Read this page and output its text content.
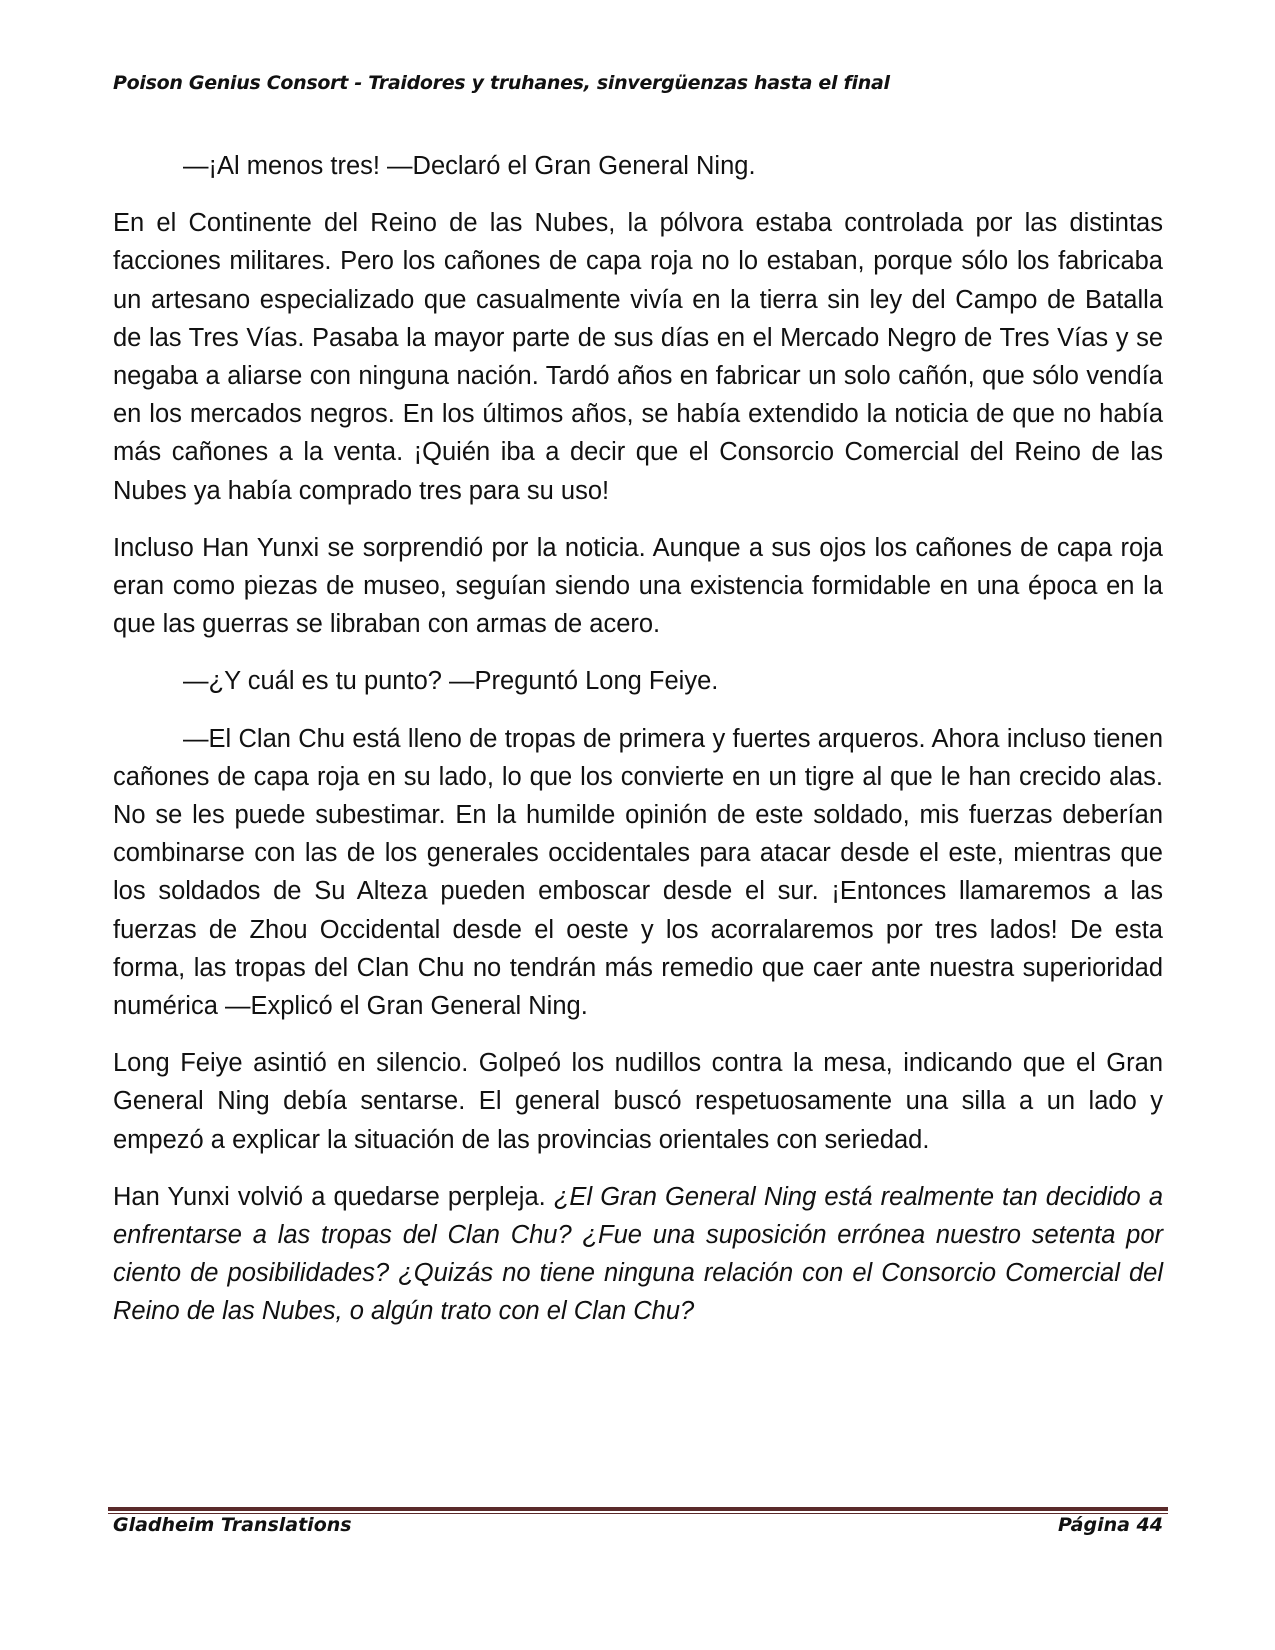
Poison Genius Consort - Traidores y truhanes, sinvergüenzas hasta el final

—¡Al menos tres! —Declaró el Gran General Ning.

En el Continente del Reino de las Nubes, la pólvora estaba controlada por las distintas facciones militares. Pero los cañones de capa roja no lo estaban, porque sólo los fabricaba un artesano especializado que casualmente vivía en la tierra sin ley del Campo de Batalla de las Tres Vías. Pasaba la mayor parte de sus días en el Mercado Negro de Tres Vías y se negaba a aliarse con ninguna nación. Tardó años en fabricar un solo cañón, que sólo vendía en los mercados negros. En los últimos años, se había extendido la noticia de que no había más cañones a la venta. ¡Quién iba a decir que el Consorcio Comercial del Reino de las Nubes ya había comprado tres para su uso!

Incluso Han Yunxi se sorprendió por la noticia. Aunque a sus ojos los cañones de capa roja eran como piezas de museo, seguían siendo una existencia formidable en una época en la que las guerras se libraban con armas de acero.

—¿Y cuál es tu punto? —Preguntó Long Feiye.

—El Clan Chu está lleno de tropas de primera y fuertes arqueros. Ahora incluso tienen cañones de capa roja en su lado, lo que los convierte en un tigre al que le han crecido alas. No se les puede subestimar. En la humilde opinión de este soldado, mis fuerzas deberían combinarse con las de los generales occidentales para atacar desde el este, mientras que los soldados de Su Alteza pueden emboscar desde el sur. ¡Entonces llamaremos a las fuerzas de Zhou Occidental desde el oeste y los acorralaremos por tres lados! De esta forma, las tropas del Clan Chu no tendrán más remedio que caer ante nuestra superioridad numérica —Explicó el Gran General Ning.

Long Feiye asintió en silencio. Golpeó los nudillos contra la mesa, indicando que el Gran General Ning debía sentarse. El general buscó respetuosamente una silla a un lado y empezó a explicar la situación de las provincias orientales con seriedad.

Han Yunxi volvió a quedarse perpleja. ¿El Gran General Ning está realmente tan decidido a enfrentarse a las tropas del Clan Chu? ¿Fue una suposición errónea nuestro setenta por ciento de posibilidades? ¿Quizás no tiene ninguna relación con el Consorcio Comercial del Reino de las Nubes, o algún trato con el Clan Chu?

Gladheim Translations	Página 44
